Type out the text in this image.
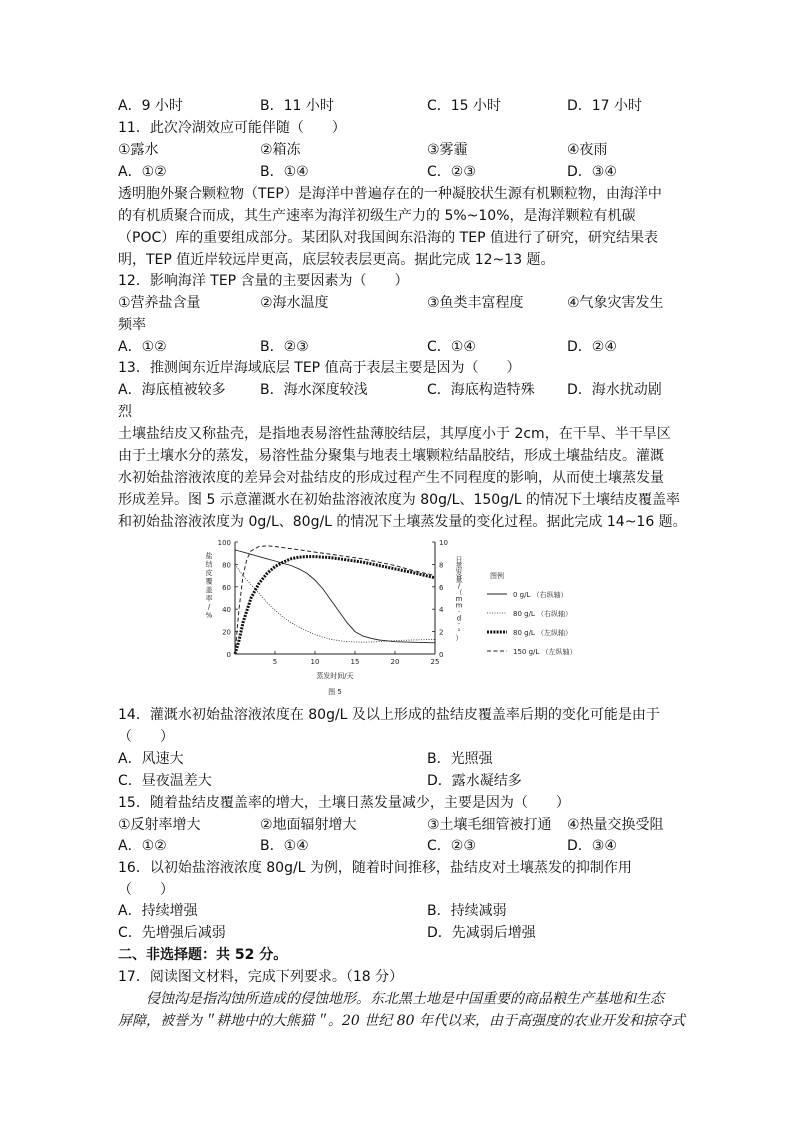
A．9 小时	B．11 小时	C．15 小时	D．17 小时
11．此次冷湖效应可能伴随（　　）
①露水	②箱冻	③雾霾	④夜雨
A．①②	B．①④	C．②③	D．③④
透明胞外聚合颗粒物（TEP）是海洋中普遍存在的一种凝胶状生源有机颗粒物，由海洋中
的有机质聚合而成，其生产速率为海洋初级生产力的 5%~10%，是海洋颗粒有机碳
（POC）库的重要组成部分。某团队对我国闽东沿海的 TEP 值进行了研究，研究结果表
明，TEP 值近岸较远岸更高，底层较表层更高。据此完成 12~13 题。
12．影响海洋 TEP 含量的主要因素为（　　）
①营养盐含量	②海水温度	③鱼类丰富程度	④气象灾害发生
频率
A．①②	B．②③	C．①④	D．②④
13．推测闽东近岸海域底层 TEP 值高于表层主要是因为（　　）
A．海底植被较多 B．海水深度较浅	C．海底构造特殊 D．海水扰动剧
烈
土壤盐结皮又称盐壳，是指地表易溶性盐薄胶结层，其厚度小于 2cm，在干旱、半干旱区
由于土壤水分的蒸发，易溶性盐分聚集与地表土壤颗粒结晶胶结，形成土壤盐结皮。灌溉
水初始盐溶液浓度的差异会对盐结皮的形成过程产生不同程度的影响，从而使土壤蒸发量
形成差异。图 5 示意灌溉水在初始盐溶液浓度为 80g/L、150g/L 的情况下土壤结皮覆盖率
和初始盐溶液浓度为 0g/L、80g/L 的情况下土壤蒸发量的变化过程。据此完成 14~16 题。
0
20
40
60
80
100
0
2
4
6
8
10
5	10	15	20	25
盐结皮覆盖率/ %
日蒸发量/（ m m · d ⁻ ¹ ）
蒸发时间/天
图 5
图例
0 g/L （右纵轴）
80 g/L （右纵轴）
80 g/L （左纵轴）
150 g/L （左纵轴）
14．灌溉水初始盐溶液浓度在 80g/L 及以上形成的盐结皮覆盖率后期的变化可能是由于
（　　）
A．风速大	B．光照强
C．昼夜温差大	D．露水凝结多
15．随着盐结皮覆盖率的增大，土壤日蒸发量减少，主要是因为（　　）
①反射率增大	②地面辐射增大	③土壤毛细管被打通 ④热量交换受阻
A．①②	B．①④	C．②③	D．③④
16．以初始盐溶液浓度 80g/L 为例，随着时间推移，盐结皮对土壤蒸发的抑制作用
（　　）
A．持续增强	B．持续减弱
C．先增强后减弱	D．先减弱后增强
二、非选择题：共 52 分。
17．阅读图文材料，完成下列要求。（18 分）
侵蚀沟是指沟蚀所造成的侵蚀地形。东北黑土地是中国重要的商品粮生产基地和生态
屏障，被誉为＂耕地中的大熊猫＂。20 世纪 80 年代以来，由于高强度的农业开发和掠夺式
